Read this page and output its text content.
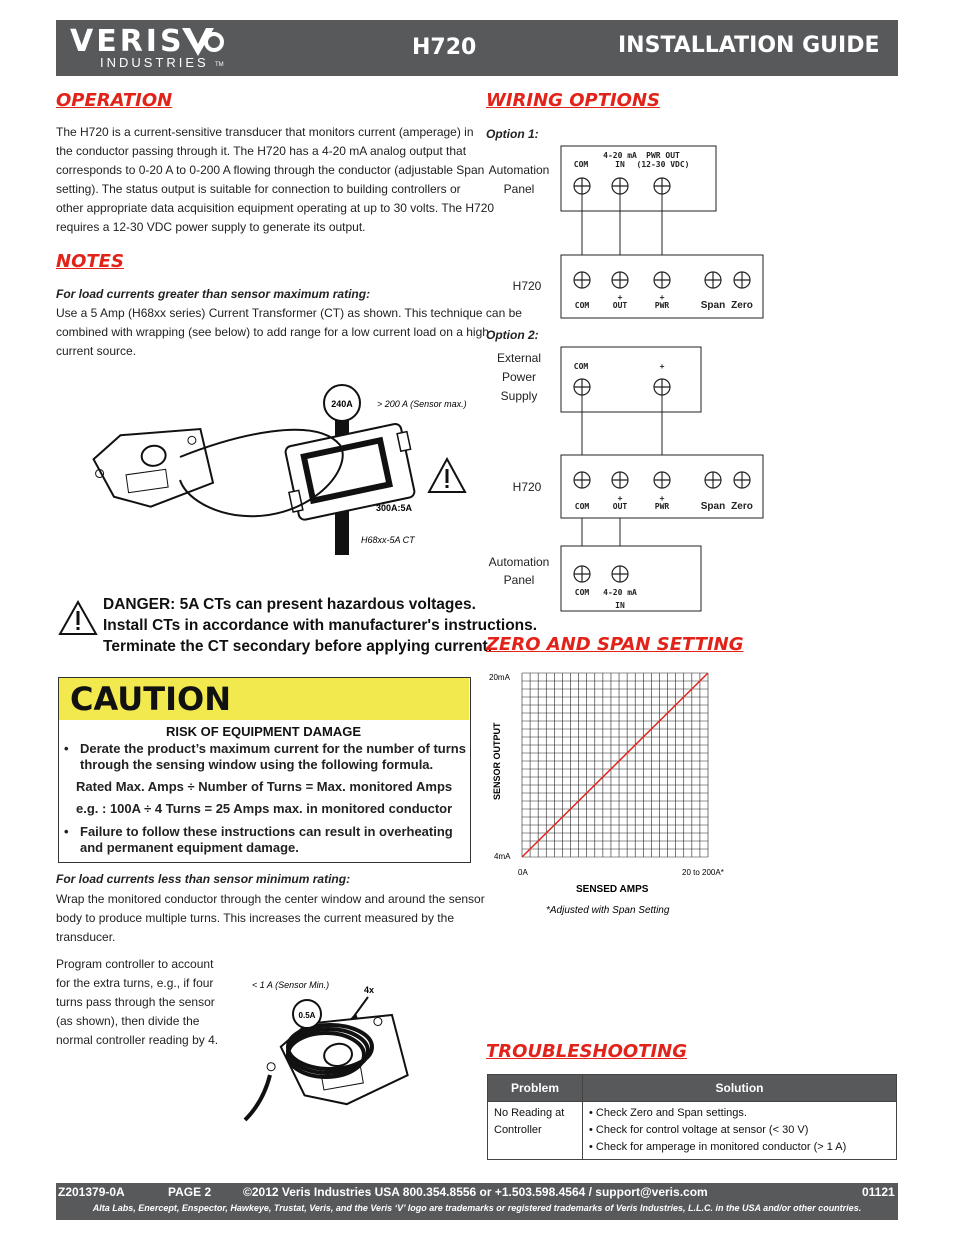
VERIS
INDUSTRIES TM
H720	INSTALLATION GUIDE
OPERATION
The H720 is a current-sensitive transducer that monitors current (amperage) in
the conductor passing through it. The H720 has a 4-20 mA analog output that
corresponds to 0-20 A to 0-200 A flowing through the conductor (adjustable Span
setting). The status output is suitable for connection to building controllers or
other appropriate data acquisition equipment operating at up to 30 volts. The H720
requires a 12-30 VDC power supply to generate its output.
NOTES
For load currents greater than sensor maximum rating:
Use a 5 Amp (H68xx series) Current Transformer (CT) as shown. This technique can be
combined with wrapping (see below) to add range for a low current load on a high
current source.
240A	> 200 A (Sensor max.)
300A:5A
H68xx-5A CT
DANGER: 5A CTs can present hazardous voltages.
Install CTs in accordance with manufacturer's instructions.
Terminate the CT secondary before applying current.
CAUTION
RISK OF EQUIPMENT DAMAGE
• Derate the product’s maximum current for the number of turns
through the sensing window using the following formula.
Rated Max. Amps ÷ Number of Turns = Max. monitored Amps
e.g. : 100A ÷ 4 Turns = 25 Amps max. in monitored conductor
• Failure to follow these instructions can result in overheating
and permanent equipment damage.
For load currents less than sensor minimum rating:
Wrap the monitored conductor through the center window and around the sensor
body to produce multiple turns. This increases the current measured by the
transducer.
Program controller to account
for the extra turns, e.g., if four
turns pass through the sensor
(as shown), then divide the
normal controller reading by 4.
< 1 A (Sensor Min.)	4x
0.5A
WIRING OPTIONS
Option 1:
Option 2:
Automation
Panel
COM
4-20 mA
IN
PWR OUT
(12-30 VDC)
H720
COM
+
OUT
+
PWR	Span Zero
External
Power
Supply
COM	+
H720
COM
+
OUT
+
PWR	Span Zero
Automation
Panel
COM 4-20 mA
IN
ZERO AND SPAN SETTING
20mA
4mA
0A	20 to 200A*
SENSED AMPS
SENSOR OUTPUT
*Adjusted with Span Setting
TROUBLESHOOTING
Problem	Solution
No Reading at Controller	• Check Zero and Span settings.
• Check for control voltage at sensor (< 30 V)
• Check for amperage in monitored conductor (> 1 A)
Z201379-0A	PAGE 2	©2012 Veris Industries USA 800.354.8556 or +1.503.598.4564 / support@veris.com	01121
Alta Labs, Enercept, Enspector, Hawkeye, Trustat, Veris, and the Veris ‘V’ logo are trademarks or registered trademarks of Veris Industries, L.L.C. in the USA and/or other countries.
